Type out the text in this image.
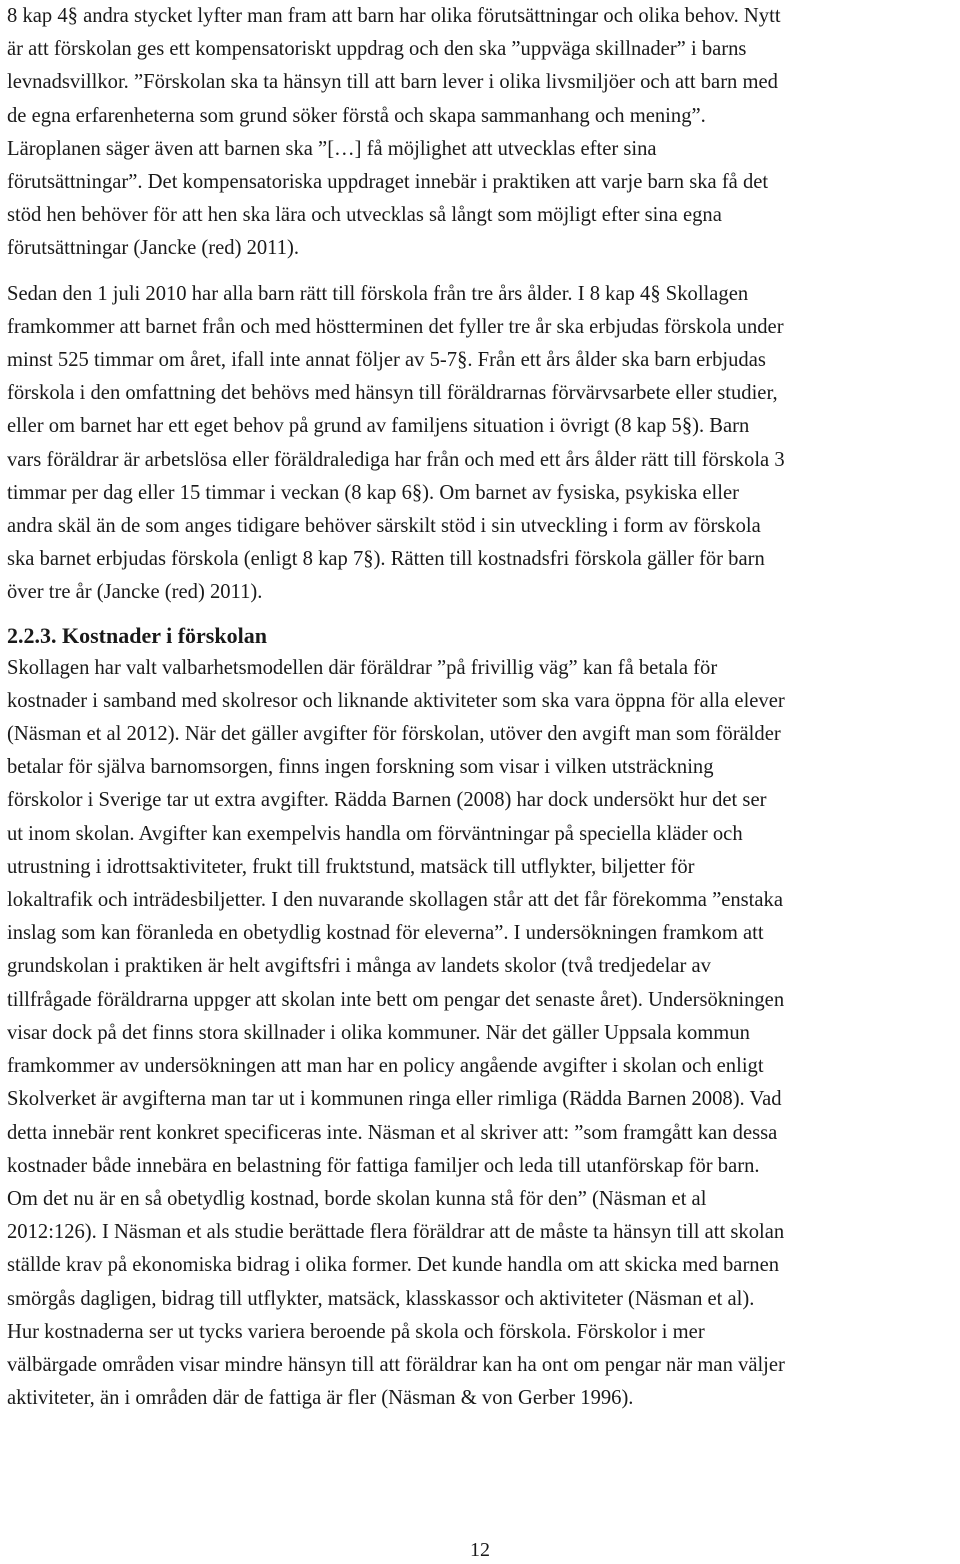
8 kap 4§ andra stycket lyfter man fram att barn har olika förutsättningar och olika behov. Nytt
är att förskolan ges ett kompensatoriskt uppdrag och den ska ”uppväga skillnader” i barns
levnadsvillkor. ”Förskolan ska ta hänsyn till att barn lever i olika livsmiljöer och att barn med
de egna erfarenheterna som grund söker förstå och skapa sammanhang och mening”.
Läroplanen säger även att barnen ska ”[…] få möjlighet att utvecklas efter sina
förutsättningar”. Det kompensatoriska uppdraget innebär i praktiken att varje barn ska få det
stöd hen behöver för att hen ska lära och utvecklas så långt som möjligt efter sina egna
förutsättningar (Jancke (red) 2011).

Sedan den 1 juli 2010 har alla barn rätt till förskola från tre års ålder. I 8 kap 4§ Skollagen
framkommer att barnet från och med höstterminen det fyller tre år ska erbjudas förskola under
minst 525 timmar om året, ifall inte annat följer av 5-7§. Från ett års ålder ska barn erbjudas
förskola i den omfattning det behövs med hänsyn till föräldrarnas förvärvsarbete eller studier,
eller om barnet har ett eget behov på grund av familjens situation i övrigt (8 kap 5§). Barn
vars föräldrar är arbetslösa eller föräldralediga har från och med ett års ålder rätt till förskola 3
timmar per dag eller 15 timmar i veckan (8 kap 6§). Om barnet av fysiska, psykiska eller
andra skäl än de som anges tidigare behöver särskilt stöd i sin utveckling i form av förskola
ska barnet erbjudas förskola (enligt 8 kap 7§). Rätten till kostnadsfri förskola gäller för barn
över tre år (Jancke (red) 2011).

2.2.3. Kostnader i förskolan

Skollagen har valt valbarhetsmodellen där föräldrar ”på frivillig väg” kan få betala för
kostnader i samband med skolresor och liknande aktiviteter som ska vara öppna för alla elever
(Näsman et al 2012). När det gäller avgifter för förskolan, utöver den avgift man som förälder
betalar för själva barnomsorgen, finns ingen forskning som visar i vilken utsträckning
förskolor i Sverige tar ut extra avgifter. Rädda Barnen (2008) har dock undersökt hur det ser
ut inom skolan. Avgifter kan exempelvis handla om förväntningar på speciella kläder och
utrustning i idrottsaktiviteter, frukt till fruktstund, matsäck till utflykter, biljetter för
lokaltrafik och inträdesbiljetter. I den nuvarande skollagen står att det får förekomma ”enstaka
inslag som kan föranleda en obetydlig kostnad för eleverna”. I undersökningen framkom att
grundskolan i praktiken är helt avgiftsfri i många av landets skolor (två tredjedelar av
tillfrågade föräldrarna uppger att skolan inte bett om pengar det senaste året). Undersökningen
visar dock på det finns stora skillnader i olika kommuner. När det gäller Uppsala kommun
framkommer av undersökningen att man har en policy angående avgifter i skolan och enligt
Skolverket är avgifterna man tar ut i kommunen ringa eller rimliga (Rädda Barnen 2008). Vad
detta innebär rent konkret specificeras inte. Näsman et al skriver att: ”som framgått kan dessa
kostnader både innebära en belastning för fattiga familjer och leda till utanförskap för barn.
Om det nu är en så obetydlig kostnad, borde skolan kunna stå för den” (Näsman et al
2012:126). I Näsman et als studie berättade flera föräldrar att de måste ta hänsyn till att skolan
ställde krav på ekonomiska bidrag i olika former. Det kunde handla om att skicka med barnen
smörgås dagligen, bidrag till utflykter, matsäck, klasskassor och aktiviteter (Näsman et al).
Hur kostnaderna ser ut tycks variera beroende på skola och förskola. Förskolor i mer
välbärgade områden visar mindre hänsyn till att föräldrar kan ha ont om pengar när man väljer
aktiviteter, än i områden där de fattiga är fler (Näsman & von Gerber 1996).

12
